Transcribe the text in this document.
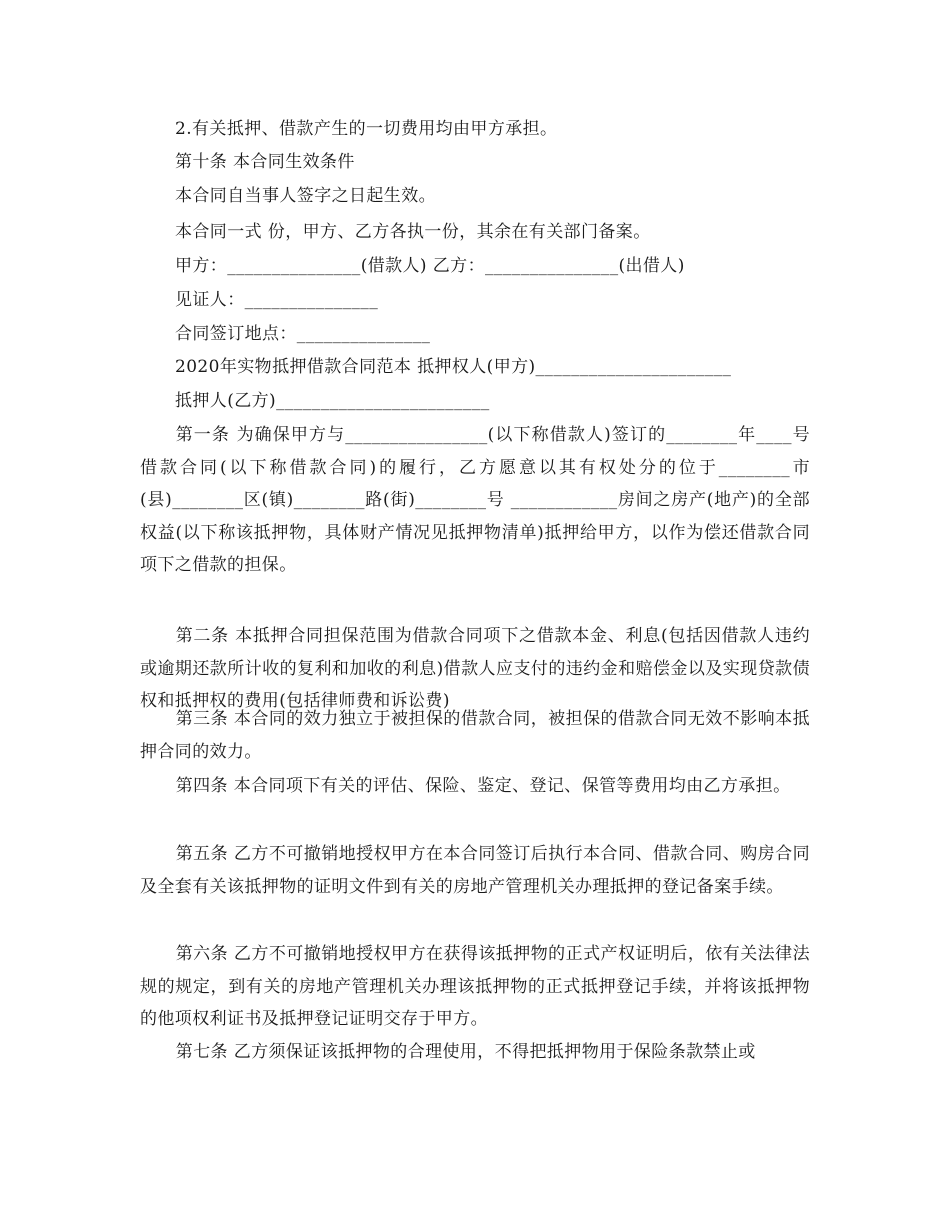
2.有关抵押、借款产生的一切费用均由甲方承担。
第十条 本合同生效条件
本合同自当事人签字之日起生效。
本合同一式 份，甲方、乙方各执一份，其余在有关部门备案。
甲方：_______________(借款人) 乙方：_______________(出借人)
见证人：_______________
合同签订地点：_______________
2020年实物抵押借款合同范本 抵押权人(甲方)______________________
抵押人(乙方)________________________

第一条 为确保甲方与________________(以下称借款人)签订的________年____号借款合同(以下称借款合同)的履行，乙方愿意以其有权处分的位于________市(县)________区(镇)________路(街)________号 ____________房间之房产(地产)的全部权益(以下称该抵押物，具体财产情况见抵押物清单)抵押给甲方，以作为偿还借款合同项下之借款的担保。

第二条 本抵押合同担保范围为借款合同项下之借款本金、利息(包括因借款人违约或逾期还款所计收的复利和加收的利息)借款人应支付的违约金和赔偿金以及实现贷款债权和抵押权的费用(包括律师费和诉讼费)

第三条 本合同的效力独立于被担保的借款合同，被担保的借款合同无效不影响本抵押合同的效力。

第四条 本合同项下有关的评估、保险、鉴定、登记、保管等费用均由乙方承担。

第五条 乙方不可撤销地授权甲方在本合同签订后执行本合同、借款合同、购房合同及全套有关该抵押物的证明文件到有关的房地产管理机关办理抵押的登记备案手续。

第六条 乙方不可撤销地授权甲方在获得该抵押物的正式产权证明后，依有关法律法规的规定，到有关的房地产管理机关办理该抵押物的正式抵押登记手续，并将该抵押物的他项权利证书及抵押登记证明交存于甲方。

第七条 乙方须保证该抵押物的合理使用，不得把抵押物用于保险条款禁止或
